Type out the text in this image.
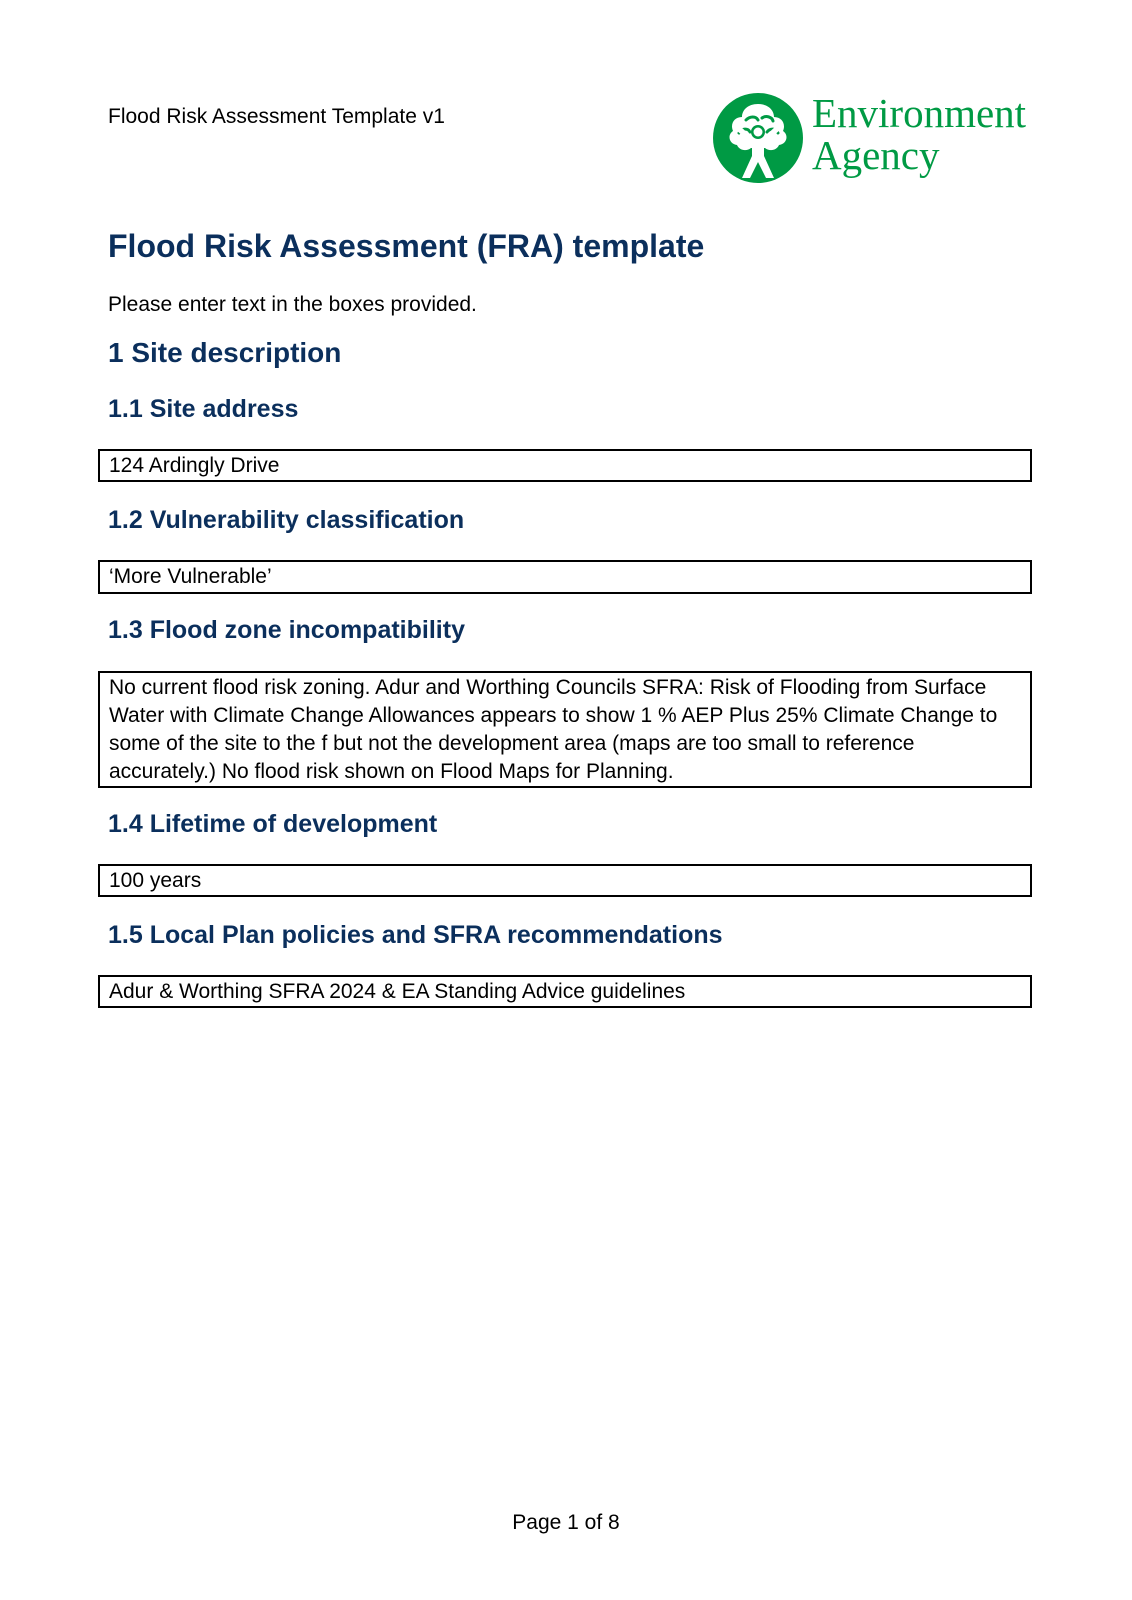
Flood Risk Assessment Template v1	Environment
Agency
Flood Risk Assessment (FRA) template
Please enter text in the boxes provided.
1 Site description
1.1 Site address
124 Ardingly Drive
1.2 Vulnerability classification
‘More Vulnerable’
1.3 Flood zone incompatibility
No current flood risk zoning. Adur and Worthing Councils SFRA: Risk of Flooding from Surface Water with Climate Change Allowances appears to show 1 % AEP Plus 25% Climate Change to some of the site to the f but not the development area (maps are too small to reference accurately.) No flood risk shown on Flood Maps for Planning.
1.4 Lifetime of development
100 years
1.5 Local Plan policies and SFRA recommendations
Adur & Worthing SFRA 2024 & EA Standing Advice guidelines
Page 1 of 8
